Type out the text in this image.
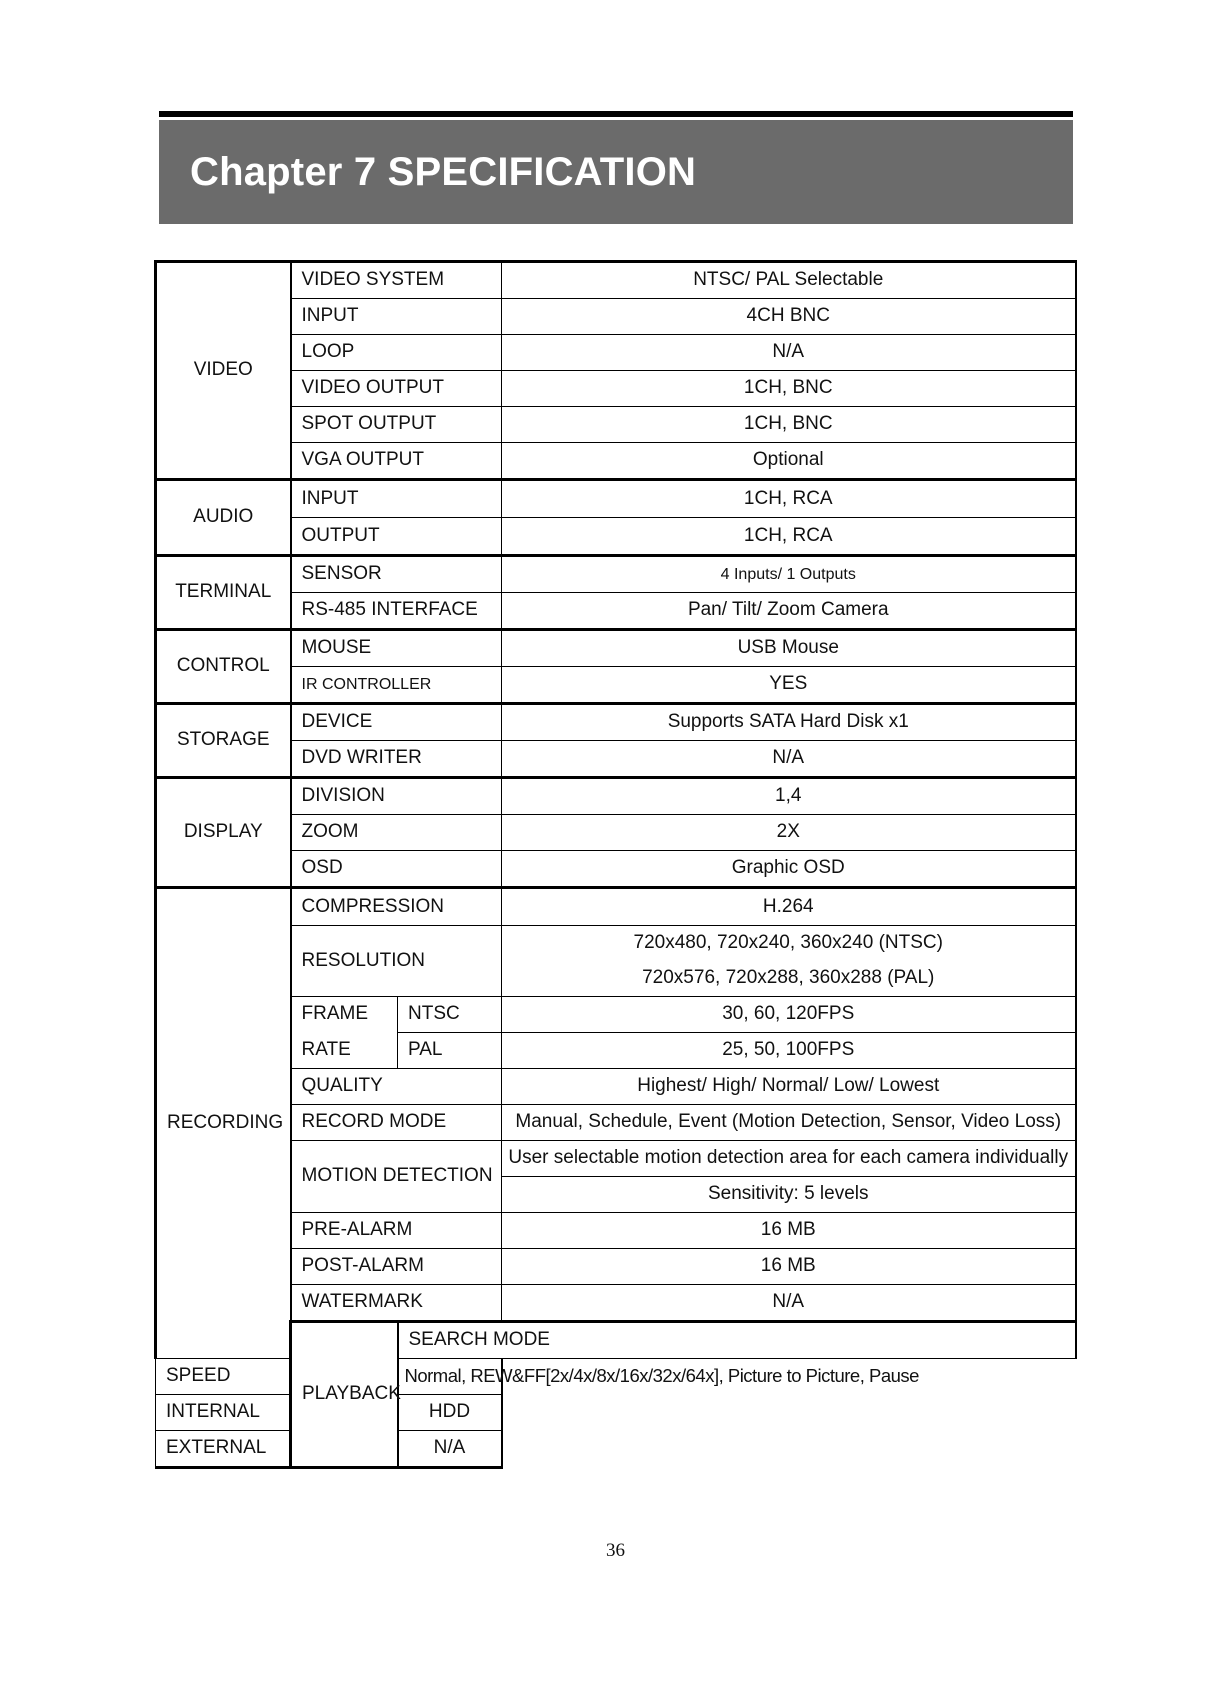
Chapter 7 SPECIFICATION
VIDEO	VIDEO SYSTEM		NTSC/ PAL Selectable	
	INPUT		4CH BNC	
	LOOP		N/A	
	VIDEO OUTPUT		1CH, BNC	
	SPOT OUTPUT		1CH, BNC	
	VGA OUTPUT		Optional	
AUDIO	INPUT		1CH, RCA	
	OUTPUT		1CH, RCA	
TERMINAL	SENSOR		4 Inputs/ 1 Outputs	
	RS-485 INTERFACE		Pan/ Tilt/ Zoom Camera	
CONTROL	MOUSE		USB Mouse	
	IR CONTROLLER		YES	
STORAGE	DEVICE		Supports SATA Hard Disk x1	
	DVD WRITER		N/A	
DISPLAY	DIVISION		1,4	
	ZOOM		2X	
	OSD		Graphic OSD	
RECORDING	COMPRESSION		H.264	
	RESOLUTION		720x480, 720x240, 360x240 (NTSC)	
			720x576, 720x288, 360x288 (PAL)	
	FRAME	NTSC	30, 60, 120FPS	
	RATE	PAL	25, 50, 100FPS	
	QUALITY		Highest/ High/ Normal/ Low/ Lowest	
	RECORD MODE		Manual, Schedule, Event (Motion Detection, Sensor, Video Loss)	
	MOTION DETECTION		User selectable motion detection area for each camera individually	
			Sensitivity: 5 levels	
	PRE-ALARM		16 MB	
	POST-ALARM		16 MB	
	WATERMARK		N/A	
	PLAYBACK	SEARCH MODE	
SPEED		Normal, REW&FF[2x/4x/8x/16x/32x/64x], Picture to Picture, Pause		
INTERNAL		HDD		
EXTERNAL		N/A		
36
